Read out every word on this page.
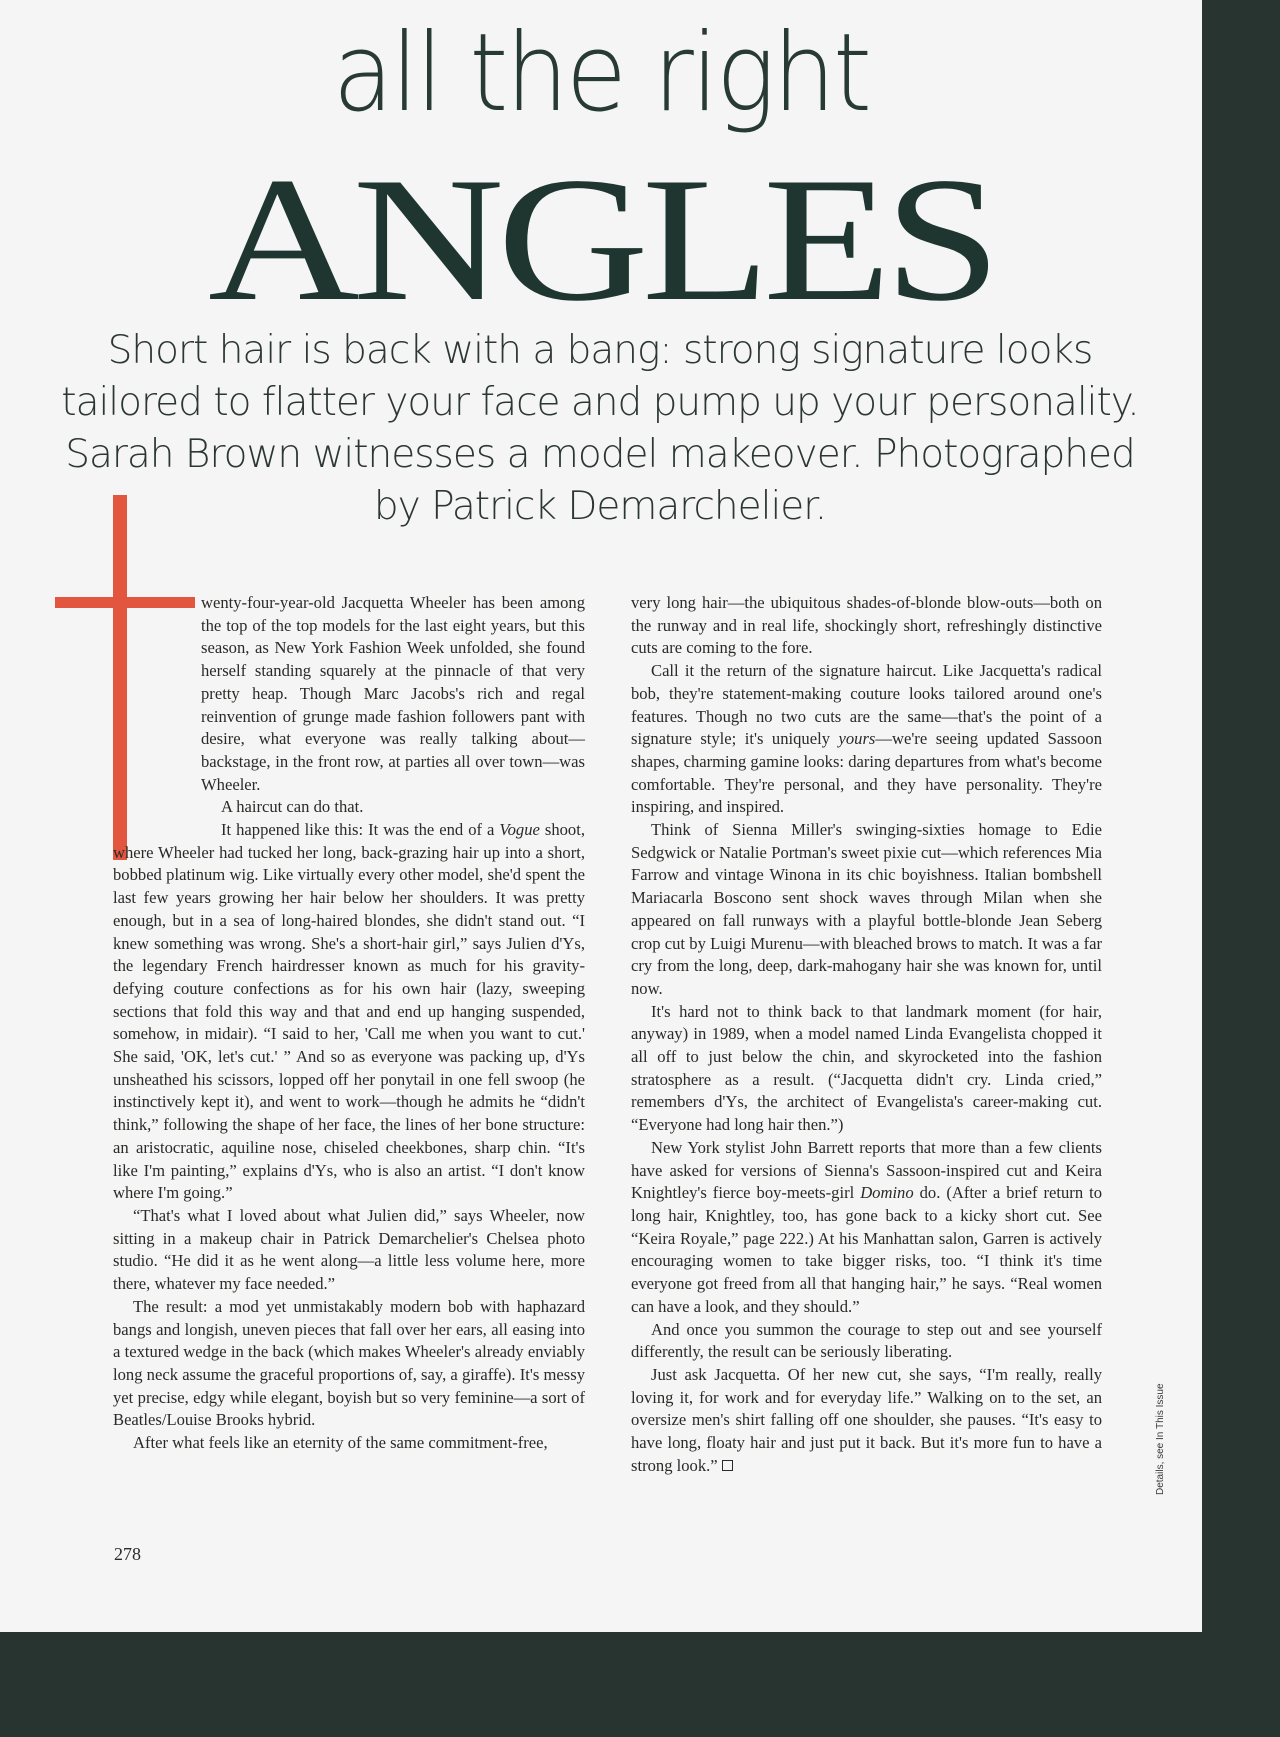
all the right
ANGLES
Short hair is back with a bang: strong signature looks tailored to flatter your face and pump up your personality. Sarah Brown witnesses a model makeover. Photographed by Patrick Demarchelier.

wenty-four-year-old Jacquetta Wheeler has been among the top of the top models for the last eight years, but this season, as New York Fashion Week unfolded, she found herself standing squarely at the pinnacle of that very pretty heap. Though Marc Jacobs's rich and regal reinvention of grunge made fashion followers pant with desire, what everyone was really talking about—backstage, in the front row, at parties all over town—was Wheeler.

A haircut can do that.

It happened like this: It was the end of a Vogue shoot, where Wheeler had tucked her long, back-grazing hair up into a short, bobbed platinum wig. Like virtually every other model, she'd spent the last few years growing her hair below her shoulders. It was pretty enough, but in a sea of long-haired blondes, she didn't stand out. “I knew something was wrong. She's a short-hair girl,” says Julien d'Ys, the legendary French hairdresser known as much for his gravity-defying couture confections as for his own hair (lazy, sweeping sections that fold this way and that and end up hanging suspended, somehow, in midair). “I said to her, 'Call me when you want to cut.' She said, 'OK, let's cut.' ” And so as everyone was packing up, d'Ys unsheathed his scissors, lopped off her ponytail in one fell swoop (he instinctively kept it), and went to work—though he admits he “didn't think,” following the shape of her face, the lines of her bone structure: an aristocratic, aquiline nose, chiseled cheekbones, sharp chin. “It's like I'm painting,” explains d'Ys, who is also an artist. “I don't know where I'm going.”

“That's what I loved about what Julien did,” says Wheeler, now sitting in a makeup chair in Patrick Demarchelier's Chelsea photo studio. “He did it as he went along—a little less volume here, more there, whatever my face needed.”

The result: a mod yet unmistakably modern bob with haphazard bangs and longish, uneven pieces that fall over her ears, all easing into a textured wedge in the back (which makes Wheeler's already enviably long neck assume the graceful proportions of, say, a giraffe). It's messy yet precise, edgy while elegant, boyish but so very feminine—a sort of Beatles/Louise Brooks hybrid.

After what feels like an eternity of the same commitment-free,

very long hair—the ubiquitous shades-of-blonde blow-outs—both on the runway and in real life, shockingly short, refreshingly distinctive cuts are coming to the fore.

Call it the return of the signature haircut. Like Jacquetta's radical bob, they're statement-making couture looks tailored around one's features. Though no two cuts are the same—that's the point of a signature style; it's uniquely yours—we're seeing updated Sassoon shapes, charming gamine looks: daring departures from what's become comfortable. They're personal, and they have personality. They're inspiring, and inspired.

Think of Sienna Miller's swinging-sixties homage to Edie Sedgwick or Natalie Portman's sweet pixie cut—which references Mia Farrow and vintage Winona in its chic boyishness. Italian bombshell Mariacarla Boscono sent shock waves through Milan when she appeared on fall runways with a playful bottle-blonde Jean Seberg crop cut by Luigi Murenu—with bleached brows to match. It was a far cry from the long, deep, dark-mahogany hair she was known for, until now.

It's hard not to think back to that landmark moment (for hair, anyway) in 1989, when a model named Linda Evangelista chopped it all off to just below the chin, and skyrocketed into the fashion stratosphere as a result. (“Jacquetta didn't cry. Linda cried,” remembers d'Ys, the architect of Evangelista's career-making cut. “Everyone had long hair then.”)

New York stylist John Barrett reports that more than a few clients have asked for versions of Sienna's Sassoon-inspired cut and Keira Knightley's fierce boy-meets-girl Domino do. (After a brief return to long hair, Knightley, too, has gone back to a kicky short cut. See “Keira Royale,” page 222.) At his Manhattan salon, Garren is actively encouraging women to take bigger risks, too. “I think it's time everyone got freed from all that hanging hair,” he says. “Real women can have a look, and they should.”

And once you summon the courage to step out and see yourself differently, the result can be seriously liberating.

Just ask Jacquetta. Of her new cut, she says, “I'm really, really loving it, for work and for everyday life.” Walking on to the set, an oversize men's shirt falling off one shoulder, she pauses. “It's easy to have long, floaty hair and just put it back. But it's more fun to have a strong look.”

278
Details, see In This Issue
